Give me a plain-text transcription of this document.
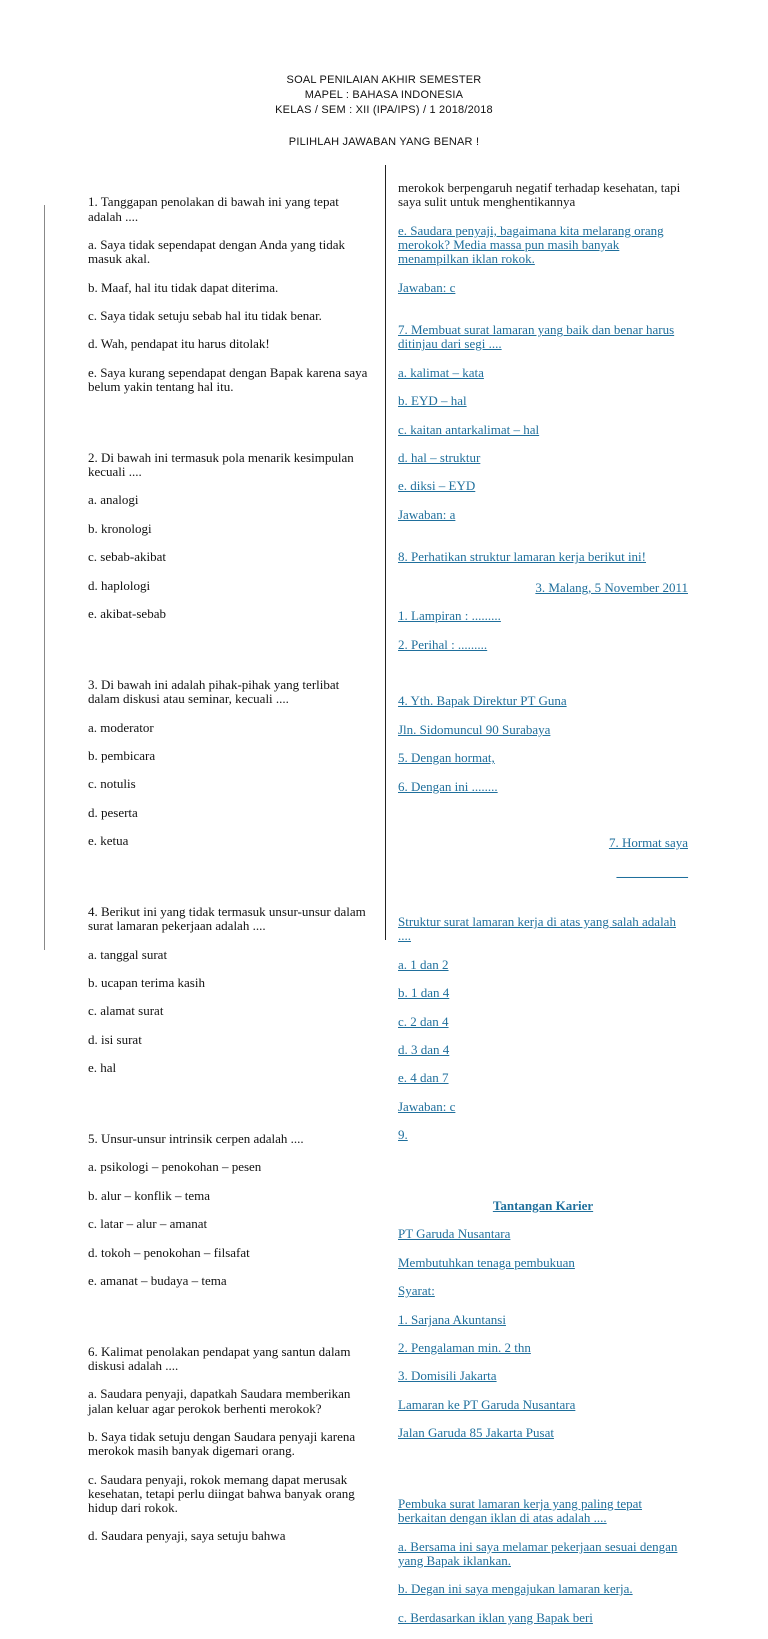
SOAL PENILAIAN AKHIR SEMESTER
MAPEL : BAHASA INDONESIA
KELAS / SEM : XII (IPA/IPS) / 1 2018/2018
PILIHLAH JAWABAN YANG BENAR !

1. Tanggapan penolakan di bawah ini yang tepat adalah ....

a. Saya tidak sependapat dengan Anda yang tidak masuk akal.

b. Maaf, hal itu tidak dapat diterima.

c. Saya tidak setuju sebab hal itu tidak benar.

d. Wah, pendapat itu harus ditolak!

e. Saya kurang sependapat dengan Bapak karena saya belum yakin tentang hal itu.

2. Di bawah ini termasuk pola menarik kesimpulan kecuali ....

a. analogi

b. kronologi

c. sebab-akibat

d. haplologi

e. akibat-sebab

3. Di bawah ini adalah pihak-pihak yang terlibat dalam diskusi atau seminar, kecuali ....

a. moderator

b. pembicara

c. notulis

d. peserta

e. ketua

4. Berikut ini yang tidak termasuk unsur-unsur dalam surat lamaran pekerjaan adalah ....

a. tanggal surat

b. ucapan terima kasih

c. alamat surat

d. isi surat

e. hal

5. Unsur-unsur intrinsik cerpen adalah ....

a. psikologi – penokohan – pesen

b. alur – konflik – tema

c. latar – alur – amanat

d. tokoh – penokohan – filsafat

e. amanat – budaya – tema

6. Kalimat penolakan pendapat yang santun dalam diskusi adalah ....

a. Saudara penyaji, dapatkah Saudara memberikan jalan keluar agar perokok berhenti merokok?

b. Saya tidak setuju dengan Saudara penyaji karena merokok masih banyak digemari orang.

c. Saudara penyaji, rokok memang dapat merusak kesehatan, tetapi perlu diingat bahwa banyak orang hidup dari rokok.

d. Saudara penyaji, saya setuju bahwa

merokok berpengaruh negatif terhadap kesehatan, tapi saya sulit untuk menghentikannya

e. Saudara penyaji, bagaimana kita melarang orang merokok? Media massa pun masih banyak menampilkan iklan rokok.

Jawaban: c

7. Membuat surat lamaran yang baik dan benar harus ditinjau dari segi ....

a. kalimat – kata

b. EYD – hal

c. kaitan antarkalimat – hal

d. hal – struktur

e. diksi – EYD

Jawaban: a

8. Perhatikan struktur lamaran kerja berikut ini!

3. Malang, 5 November 2011

1. Lampiran : .........

2. Perihal : .........

4. Yth. Bapak Direktur PT Guna

Jln. Sidomuncul 90 Surabaya

5. Dengan hormat,

6. Dengan ini ........

7. Hormat saya

___________

Struktur surat lamaran kerja di atas yang salah adalah ....

a. 1 dan 2

b. 1 dan 4

c. 2 dan 4

d. 3 dan 4

e. 4 dan 7

Jawaban: c

9.

Tantangan Karier

PT Garuda Nusantara

Membutuhkan tenaga pembukuan

Syarat:

1. Sarjana Akuntansi

2. Pengalaman min. 2 thn

3. Domisili Jakarta

Lamaran ke PT Garuda Nusantara

Jalan Garuda 85 Jakarta Pusat

Pembuka surat lamaran kerja yang paling tepat berkaitan dengan iklan di atas adalah ....

a. Bersama ini saya melamar pekerjaan sesuai dengan yang Bapak iklankan.

b. Degan ini saya mengajukan lamaran kerja.

c. Berdasarkan iklan yang Bapak beri
